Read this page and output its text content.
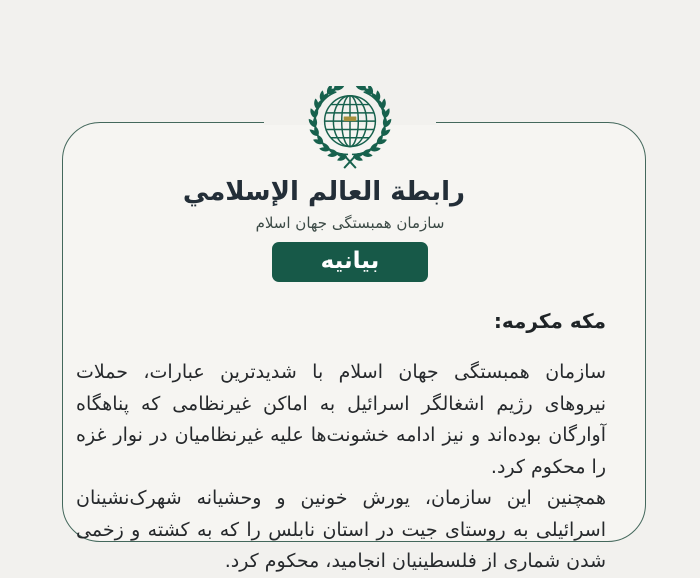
رابطة العالم الإسلامي
سازمان همبستگی جهان اسلام
بیانیه

مکه مکرمه:

سازمان همبستگی جهان اسلام با شدیدترین عبارات، حملات نیروهای رژیم اشغالگر اسرائیل به اماکن غیرنظامی که پناهگاه آوارگان بوده‌اند و نیز ادامه خشونت‌ها علیه غیرنظامیان در نوار غزه را محکوم کرد.

همچنین این سازمان، یورش خونین و وحشیانه شهرک‌نشینان اسرائیلی به روستای جیت در استان نابلس را که به کشته و زخمی شدن شماری از فلسطینیان انجامید، محکوم کرد.
